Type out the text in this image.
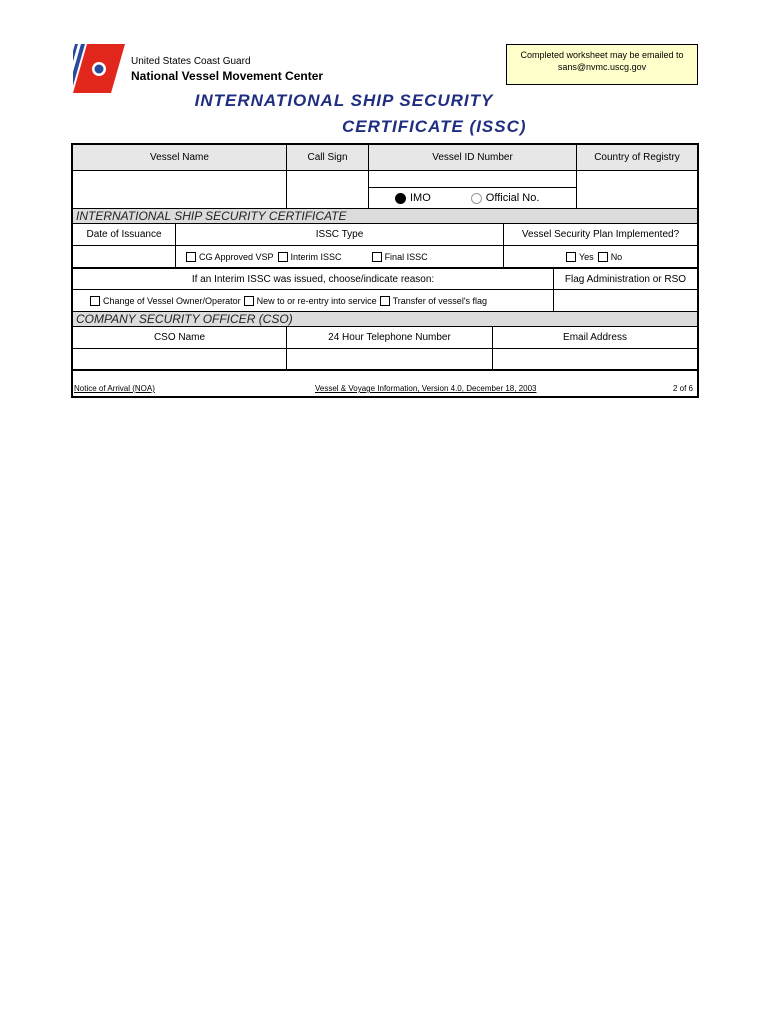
United States Coast Guard
National Vessel Movement Center
Completed worksheet may be emailed to
sans@nvmc.uscg.gov
INTERNATIONAL SHIP SECURITY
CERTIFICATE (ISSC)
Vessel Name	Call Sign	Vessel ID Number	Country of Registry
IMO	Official No.
INTERNATIONAL SHIP SECURITY CERTIFICATE
Date of Issuance	ISSC Type	Vessel Security Plan Implemented?
CG Approved VSP Interim ISSC	Final ISSC	Yes No
If an Interim ISSC was issued, choose/indicate reason:	Flag Administration or RSO
Change of Vessel Owner/Operator New to or re-entry into service Transfer of vessel's flag
COMPANY SECURITY OFFICER (CSO)
CSO Name	24 Hour Telephone Number	Email Address
Notice of Arrival (NOA)	Vessel & Voyage Information, Version 4.0, December 18, 2003	2 of 6
